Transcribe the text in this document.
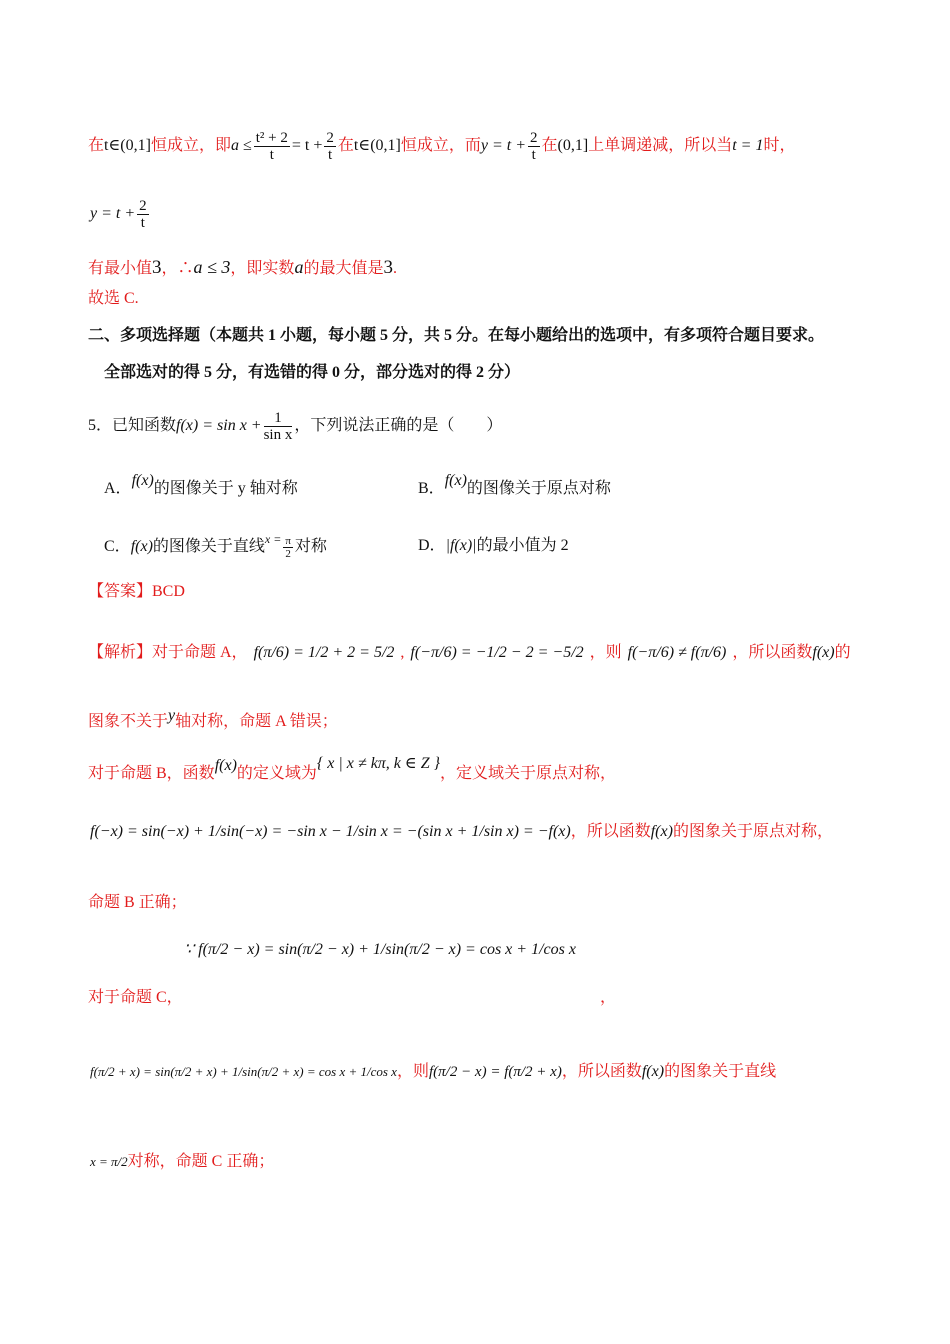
在t∈(0,1]恒成立，即$a \le \frac{\text{t² + 2}}{t} = t + \frac{2}{t}$ 在t∈(0,1]恒成立，而$y = t + \frac{2}{t}$ 在(0,1]上单调递减，所以当t = 1时，
$y = t + \frac{2}{t}$
有最小值3，∴a ≤ 3，即实数a的最大值是3.
故选 C.
二、多项选择题（本题共 1 小题，每小题 5 分，共 5 分。在每小题给出的选项中，有多项符合题目要求。
全部选对的得 5 分，有选错的得 0 分，部分选对的得 2 分）
5．已知函数$f(x) = \sin x + \frac{1}{\text{sin x}}$ ，下列说法正确的是（　　）
A．f(x)的图像关于 y 轴对称	B．f(x)的图像关于原点对称
C．f(x)的图像关于直线$^{x =} \frac{\pi}{2}$ 对称	D．|f(x)|的最小值为 2
【答案】BCD
【解析】对于命题 A， f(π/6) = 1/2 + 2 = 5/2 , f(−π/6) = −1/2 − 2 = −5/2 ，则 f(−π/6) ≠ f(π/6) ，所以函数f(x)的
图象不关于y轴对称，命题 A 错误；
对于命题 B，函数f(x)的定义域为{ x | x ≠ kπ, k ∈ Z }，定义域关于原点对称，
f(−x) = sin(−x) + 1/sin(−x) = −sin x − 1/sin x = −(sin x + 1/sin x) = −f(x)，所以函数f(x)的图象关于原点对称，
命题 B 正确；
∵ f(π/2 − x) = sin(π/2 − x) + 1/sin(π/2 − x) = cos x + 1/cos x
对于命题 C，	，
f(π/2 + x) = sin(π/2 + x) + 1/sin(π/2 + x) = cos x + 1/cos x，则f(π/2 − x) = f(π/2 + x)，所以函数f(x)的图象关于直线
x = π/2对称，命题 C 正确；
